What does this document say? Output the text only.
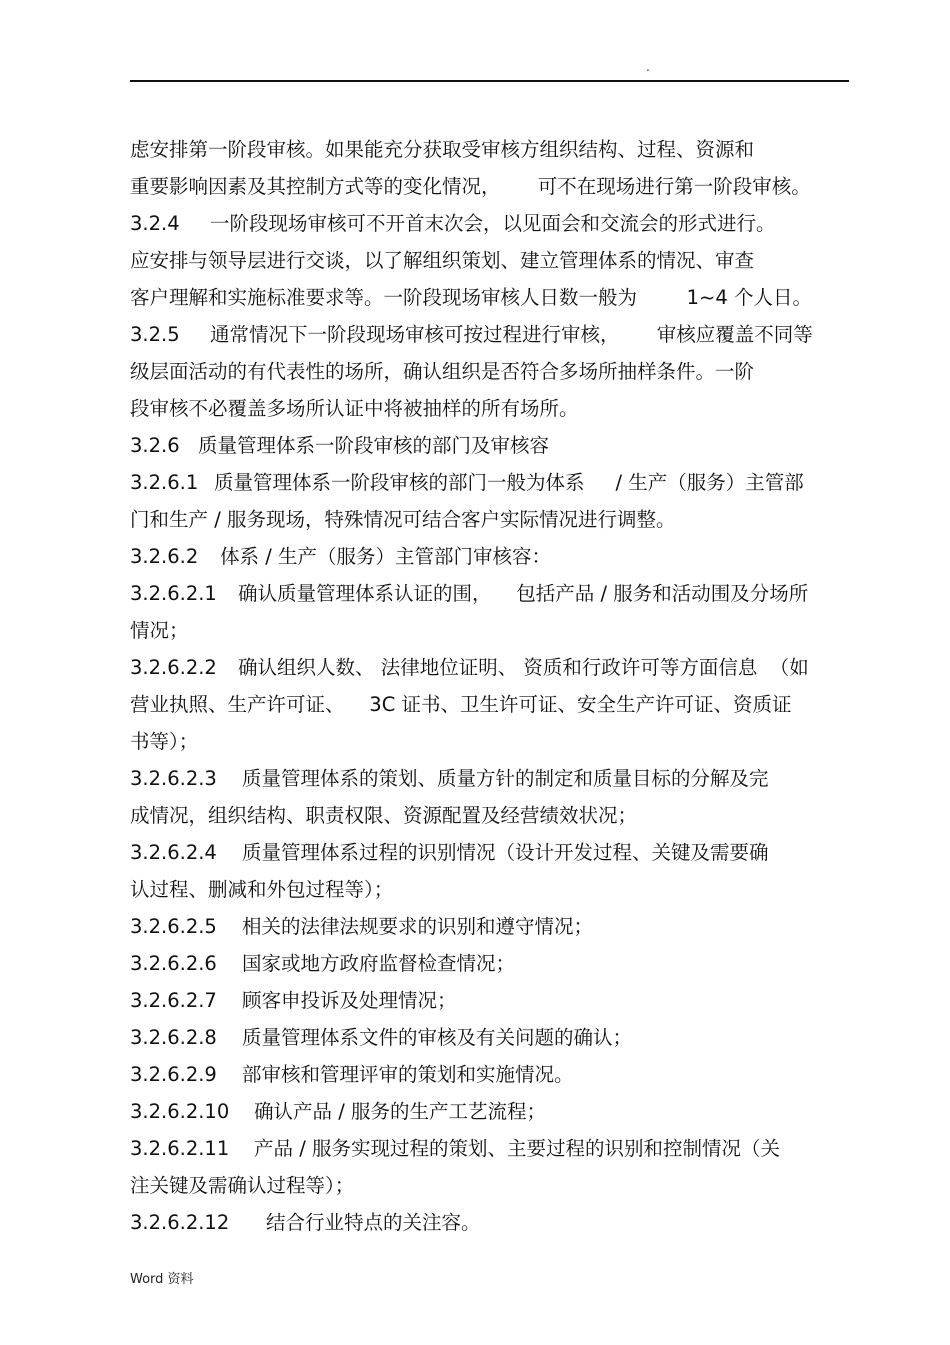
.
虑安排第一阶段审核。如果能充分获取受审核方组织结构、过程、资源和
重要影响因素及其控制方式等的变化情况，      可不在现场进行第一阶段审核。
3.2.4 一阶段现场审核可不开首末次会，以见面会和交流会的形式进行。
应安排与领导层进行交谈，以了解组织策划、建立管理体系的情况、审查
客户理解和实施标准要求等。一阶段现场审核人日数一般为        1~4 个人日。
3.2.5 通常情况下一阶段现场审核可按过程进行审核，      审核应覆盖不同等
级层面活动的有代表性的场所，确认组织是否符合多场所抽样条件。一阶
段审核不必覆盖多场所认证中将被抽样的所有场所。
3.2.6 质量管理体系一阶段审核的部门及审核容
3.2.6.1 质量管理体系一阶段审核的部门一般为体系     / 生产（服务）主管部
门和生产 / 服务现场，特殊情况可结合客户实际情况进行调整。
3.2.6.2 体系 / 生产（服务）主管部门审核容：
3.2.6.2.1 确认质量管理体系认证的围，    包括产品 / 服务和活动围及分场所
情况；
3.2.6.2.2 确认组织人数、 法律地位证明、 资质和行政许可等方面信息  （如
营业执照、生产许可证、    3C 证书、卫生许可证、安全生产许可证、资质证
书等）；
3.2.6.2.3 质量管理体系的策划、质量方针的制定和质量目标的分解及完
成情况，组织结构、职责权限、资源配置及经营绩效状况；
3.2.6.2.4 质量管理体系过程的识别情况（设计开发过程、关键及需要确
认过程、删减和外包过程等）；
3.2.6.2.5 相关的法律法规要求的识别和遵守情况；
3.2.6.2.6 国家或地方政府监督检查情况；
3.2.6.2.7 顾客申投诉及处理情况；
3.2.6.2.8 质量管理体系文件的审核及有关问题的确认；
3.2.6.2.9 部审核和管理评审的策划和实施情况。
3.2.6.2.10 确认产品 / 服务的生产工艺流程；
3.2.6.2.11 产品 / 服务实现过程的策划、主要过程的识别和控制情况（关
注关键及需确认过程等）；
3.2.6.2.12 结合行业特点的关注容。
Word 资料
